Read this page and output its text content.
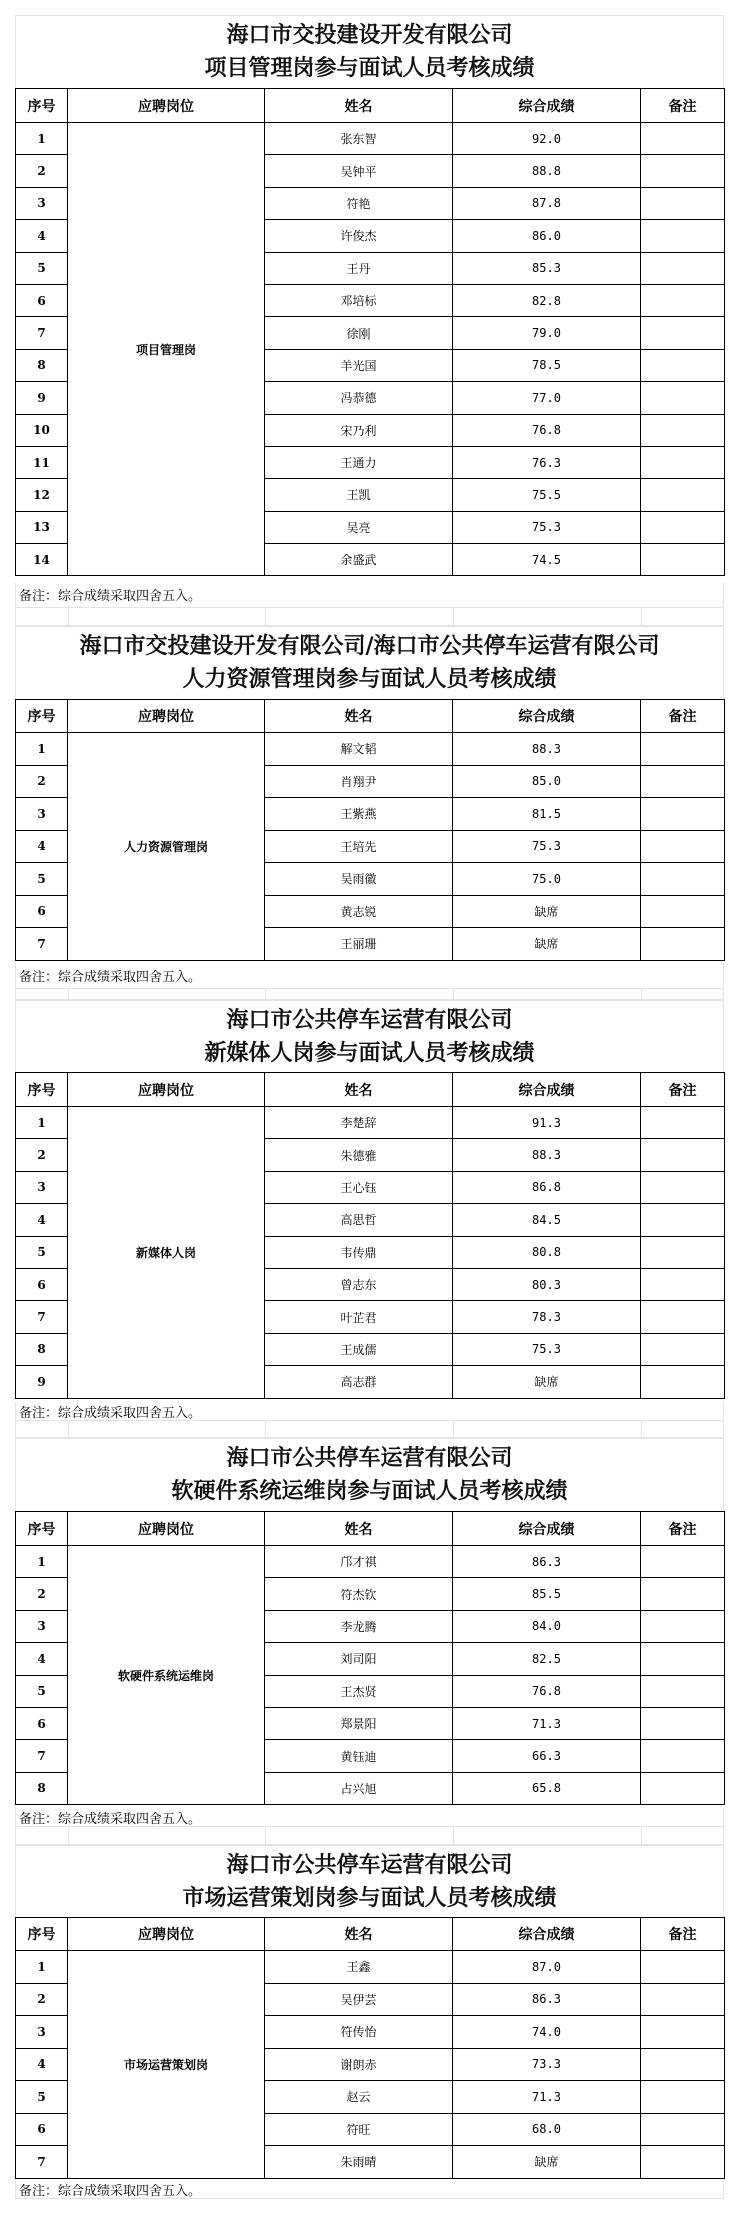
海口市交投建设开发有限公司
项目管理岗参与面试人员考核成绩
序号	应聘岗位	姓名	综合成绩	备注
1	项目管理岗	张东智	92.0	
2		吴钟平	88.8	
3		符艳	87.8	
4		许俊杰	86.0	
5		王丹	85.3	
6		邓培标	82.8	
7		徐刚	79.0	
8		羊光国	78.5	
9		冯恭德	77.0	
10		宋乃利	76.8	
11		王通力	76.3	
12		王凯	75.5	
13		吴亮	75.3	
14		余盛武	74.5	
备注：综合成绩采取四舍五入。
海口市交投建设开发有限公司/海口市公共停车运营有限公司
人力资源管理岗参与面试人员考核成绩
序号	应聘岗位	姓名	综合成绩	备注
1	人力资源管理岗	解文韬	88.3	
2		肖翔尹	85.0	
3		王紫燕	81.5	
4		王培先	75.3	
5		吴雨徽	75.0	
6		黄志锐	缺席	
7		王丽珊	缺席	
备注：综合成绩采取四舍五入。
海口市公共停车运营有限公司
新媒体人岗参与面试人员考核成绩
序号	应聘岗位	姓名	综合成绩	备注
1	新媒体人岗	李楚辞	91.3	
2		朱德雅	88.3	
3		王心钰	86.8	
4		高思哲	84.5	
5		韦传鼎	80.8	
6		曾志东	80.3	
7		叶芷君	78.3	
8		王成儒	75.3	
9		高志群	缺席	
备注：综合成绩采取四舍五入。
海口市公共停车运营有限公司
软硬件系统运维岗参与面试人员考核成绩
序号	应聘岗位	姓名	综合成绩	备注
1	软硬件系统运维岗	邝才祺	86.3	
2		符杰钦	85.5	
3		李龙腾	84.0	
4		刘司阳	82.5	
5		王杰贤	76.8	
6		郑景阳	71.3	
7		黄钰迪	66.3	
8		占兴旭	65.8	
备注：综合成绩采取四舍五入。
海口市公共停车运营有限公司
市场运营策划岗参与面试人员考核成绩
序号	应聘岗位	姓名	综合成绩	备注
1	市场运营策划岗	王鑫	87.0	
2		吴伊芸	86.3	
3		符传怡	74.0	
4		谢朗赤	73.3	
5		赵云	71.3	
6		符旺	68.0	
7		朱雨晴	缺席	
备注：综合成绩采取四舍五入。
